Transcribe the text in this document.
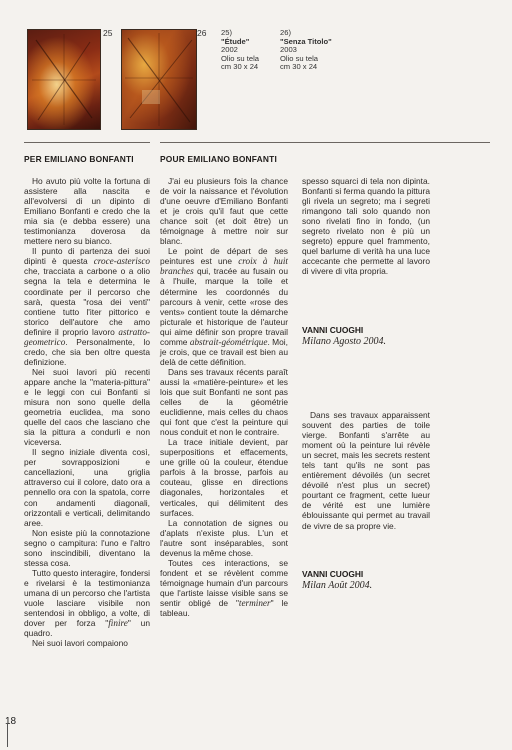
25	26 25)
"Étude"
2002
Olio su tela
cm 30 x 24
26)
"Senza Titolo"
2003
Olio su tela
cm 30 x 24
PER EMILIANO BONFANTI	POUR EMILIANO BONFANTI

Ho avuto più volte la fortuna di assistere alla nascita e all'evolversi di un dipinto di Emiliano Bonfanti e credo che la mia sia (e debba essere) una testimonianza doverosa da mettere nero su bianco.

Il punto di partenza dei suoi dipinti è questa croce-asterisco che, tracciata a carbone o a olio segna la tela e determina le coordinate per il percorso che sarà, questa "rosa dei venti" contiene tutto l'iter pittorico e storico dell'autore che amo definire il proprio lavoro astratto-geometrico. Personalmente, lo credo, che sia ben oltre questa definizione.

Nei suoi lavori più recenti appare anche la "materia-pittura" e le leggi con cui Bonfanti si misura non sono quelle della geometria euclidea, ma sono quelle del caos che lasciano che sia la pittura a condurli e non viceversa.

Il segno iniziale diventa così, per sovrapposizioni e cancellazioni, una griglia attraverso cui il colore, dato ora a pennello ora con la spatola, corre con andamenti diagonali, orizzontali e verticali, delimitando aree.

Non esiste più la connotazione segno o campitura: l'uno e l'altro sono inscindibili, diventano la stessa cosa.

Tutto questo interagire, fondersi e rivelarsi è la testimonianza umana di un percorso che l'artista vuole lasciare visibile non sentendosi in obbligo, a volte, di dover per forza "finire" un quadro.

Nei suoi lavori compaiono

J'ai eu plusieurs fois la chance de voir la naissance et l'évolution d'une oeuvre d'Emiliano Bonfanti et je crois qu'il faut que cette chance soit (et doit être) un témoignage à mettre noir sur blanc.

Le point de départ de ses peintures est une croix à huit branches qui, tracée au fusain ou à l'huile, marque la toile et détermine les coordonnés du parcours à venir, cette «rose des vents» contient toute la démarche picturale et historique de l'auteur qui aime définir son propre travail comme abstrait-géométrique. Moi, je crois, que ce travail est bien au delà de cette définition.

Dans ses travaux récents paraît aussi la «matière-peinture» et les lois que suit Bonfanti ne sont pas celles de la géométrie euclidienne, mais celles du chaos qui font que c'est la peinture qui nous conduit et non le contraire.

La trace initiale devient, par superpositions et effacements, une grille où la couleur, étendue parfois à la brosse, parfois au couteau, glisse en directions diagonales, horizontales et verticales, qui délimitent des surfaces.

La connotation de signes ou d'aplats n'existe plus. L'un et l'autre sont inséparables, sont devenus la même chose.

Toutes ces interactions, se fondent et se révèlent comme témoignage humain d'un parcours que l'artiste laisse visible sans se sentir obligé de "terminer" le tableau.

spesso squarci di tela non dipinta. Bonfanti si ferma quando la pittura gli rivela un segreto; ma i segreti rimangono tali solo quando non sono rivelati fino in fondo, (un segreto rivelato non è più un segreto) eppure quel frammento, quel barlume di verità ha una luce accecante che permette al lavoro di vivere di vita propria.

VANNI CUOGHI
Milano Agosto 2004.

Dans ses travaux apparaissent souvent des parties de toile vierge. Bonfanti s'arrête au moment où la peinture lui révèle un secret, mais les secrets restent tels tant qu'ils ne sont pas entièrement dévoilés (un secret dévoilé n'est plus un secret) pourtant ce fragment, cette lueur de vérité est une lumière éblouissante qui permet au travail de vivre de sa propre vie.

VANNI CUOGHI
Milan Août 2004.
18
